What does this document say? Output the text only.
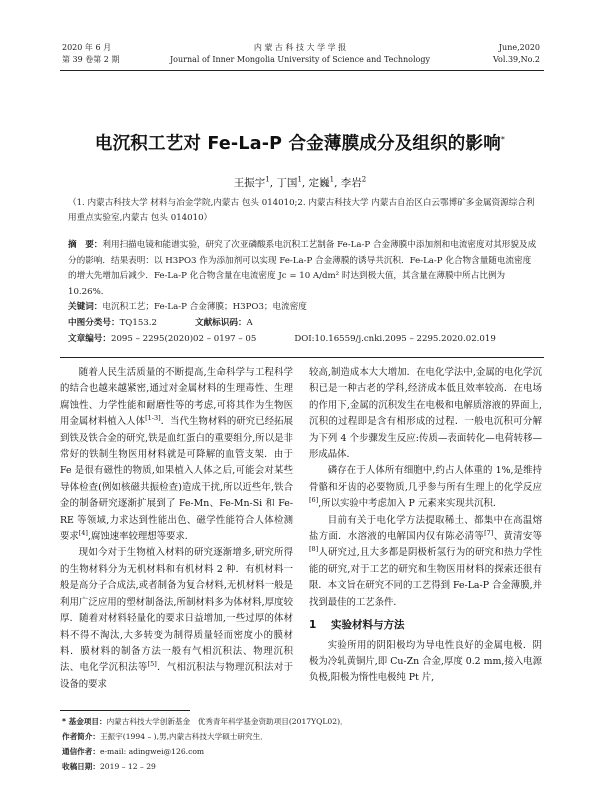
2020 年 6 月
第 39 卷第 2 期
内 蒙 古 科 技 大 学 学 报
Journal of Inner Mongolia University of Science and Technology
June,2020
Vol.39,No.2
电沉积工艺对 Fe-La-P 合金薄膜成分及组织的影响*
王振宇$^1$, 丁国$^1$, 定巍$^1$, 李岩$^2$
（1. 内蒙古科技大学 材料与冶金学院,内蒙古 包头 014010;2. 内蒙古科技大学 内蒙古自治区白云鄂博矿多金属资源综合利用重点实验室,内蒙古 包头 014010）
摘　要：利用扫描电镜和能谱实验，研究了次亚磷酸系电沉积工艺制备 Fe-La-P 合金薄膜中添加剂和电流密度对其形貌及成分的影响．结果表明：以 H3PO3 作为添加剂可以实现 Fe-La-P 合金薄膜的诱导共沉积．Fe-La-P 化合物含量随电流密度的增大先增加后减少．Fe-La-P 化合物含量在电流密度 Jc = 10 A/dm² 时达到极大值，其含量在薄膜中所占比例为 10.26%．
关键词：电沉积工艺；Fe-La-P 合金薄膜；H3PO3；电流密度
中图分类号：TQ153.2	文献标识码：A
文章编号：2095 – 2295(2020)02 – 0197 – 05	DOI:10.16559/j.cnki.2095 – 2295.2020.02.019

随着人民生活质量的不断提高,生命科学与工程科学的结合也越来越紧密,通过对金属材料的生理毒性、生理腐蚀性、力学性能和耐磨性等的考虑,可将其作为生物医用金属材料植入人体[1-3]．当代生物材料的研究已经拓展到铁及铁合金的研究,铁是血红蛋白的重要组分,所以是非常好的铁制生物医用材料就是可降解的血管支架．由于 Fe 是很有磁性的物质,如果植入人体之后,可能会对某些导体检查(例如核磁共振检查)造成干扰,所以近些年,铁合金的制备研究逐渐扩展到了 Fe-Mn、Fe-Mn-Si 和 Fe-RE 等领域,力求达到性能出色、磁学性能符合人体检测要求[4],腐蚀速率较理想等要求．

现如今对于生物植入材料的研究逐渐增多,研究所得的生物材料分为无机材料和有机材料 2 种．有机材料一般是高分子合成法,或者制备为复合材料,无机材料一般是利用广泛应用的塑材制备法,所制材料多为体材料,厚度较厚．随着对材料轻量化的要求日益增加,一些过厚的体材料不得不淘汰,大多转变为制得质量轻而密度小的膜材料．膜材料的制备方法一般有气相沉积法、物理沉积法、电化学沉积法等[5]．气相沉积法与物理沉积法对于设备的要求

较高,制造成本大大增加．在电化学法中,金属的电化学沉积已是一种古老的学科,经济成本低且效率较高．在电场的作用下,金属的沉积发生在电极和电解质溶液的界面上,沉积的过程即是含有相形成的过程．一般电沉积可分解为下列 4 个步骤发生反应:传质—表面转化—电荷转移—形成晶体．

磷存在于人体所有细胞中,约占人体重的 1%,是维持骨骼和牙齿的必要物质,几乎参与所有生理上的化学反应[6],所以实验中考虑加入 P 元素来实现共沉积．

目前有关于电化学方法提取稀土、都集中在高温熔盐方面．水溶液的电解国内仅有陈必清等[7]、黄清安等[8]人研究过,且大多都是阴极析氢行为的研究和热力学性能的研究,对于工艺的研究和生物医用材料的探索还很有限．本文旨在研究不同的工艺得到 Fe-La-P 合金薄膜,并找到最佳的工艺条件．

1 实验材料与方法

实验所用的阴阳极均为导电性良好的金属电极．阴极为冷轧黄铜片,即 Cu-Zn 合金,厚度 0.2 mm,接入电源负极,阳极为惰性电极纯 Pt 片,

* 基金项目：内蒙古科技大学创新基金　优秀青年科学基金资助项目(2017YQL02)．
作者简介：王振宇(1994 – ),男,内蒙古科技大学硕士研究生．
通信作者：e-mail: adingwei@126.com
收稿日期：2019 – 12 – 29
